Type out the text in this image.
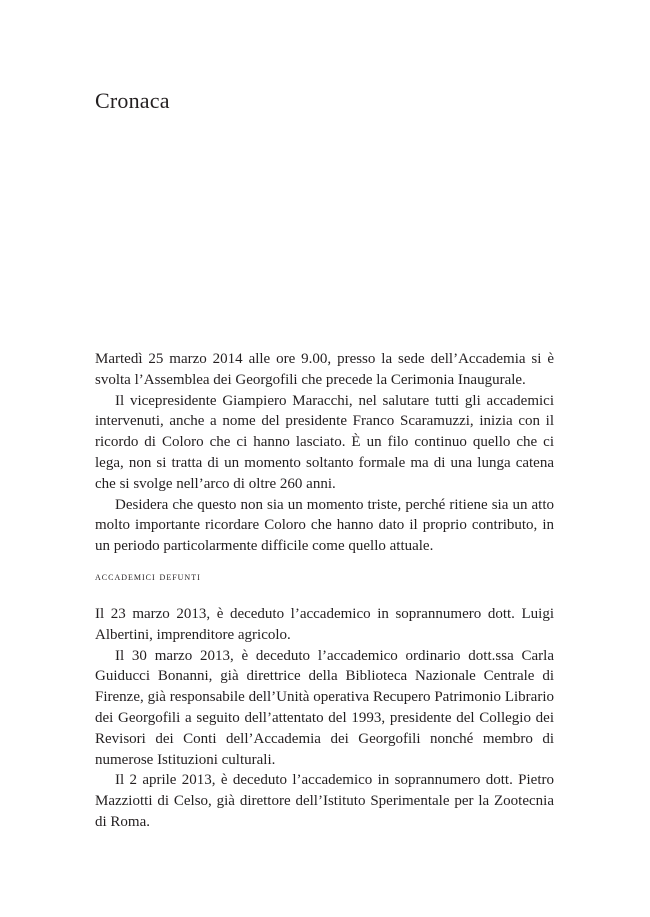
Cronaca

Martedì 25 marzo 2014 alle ore 9.00, presso la sede dell’Accademia si è svolta l’Assemblea dei Georgofili che precede la Cerimonia Inaugurale.

Il vicepresidente Giampiero Maracchi, nel salutare tutti gli accademici intervenuti, anche a nome del presidente Franco Scaramuzzi, inizia con il ricordo di Coloro che ci hanno lasciato. È un filo continuo quello che ci lega, non si tratta di un momento soltanto formale ma di una lunga catena che si svolge nell’arco di oltre 260 anni.

Desidera che questo non sia un momento triste, perché ritiene sia un atto molto importante ricordare Coloro che hanno dato il proprio contributo, in un periodo particolarmente difficile come quello attuale.

accademici defunti

Il 23 marzo 2013, è deceduto l’accademico in soprannumero dott. Luigi Albertini, imprenditore agricolo.

Il 30 marzo 2013, è deceduto l’accademico ordinario dott.ssa Carla Guiducci Bonanni, già direttrice della Biblioteca Nazionale Centrale di Firenze, già responsabile dell’Unità operativa Recupero Patrimonio Librario dei Georgofili a seguito dell’attentato del 1993, presidente del Collegio dei Revisori dei Conti dell’Accademia dei Georgofili nonché membro di numerose Istituzioni culturali.

Il 2 aprile 2013, è deceduto l’accademico in soprannumero dott. Pietro Mazziotti di Celso, già direttore dell’Istituto Sperimentale per la Zootecnia di Roma.
